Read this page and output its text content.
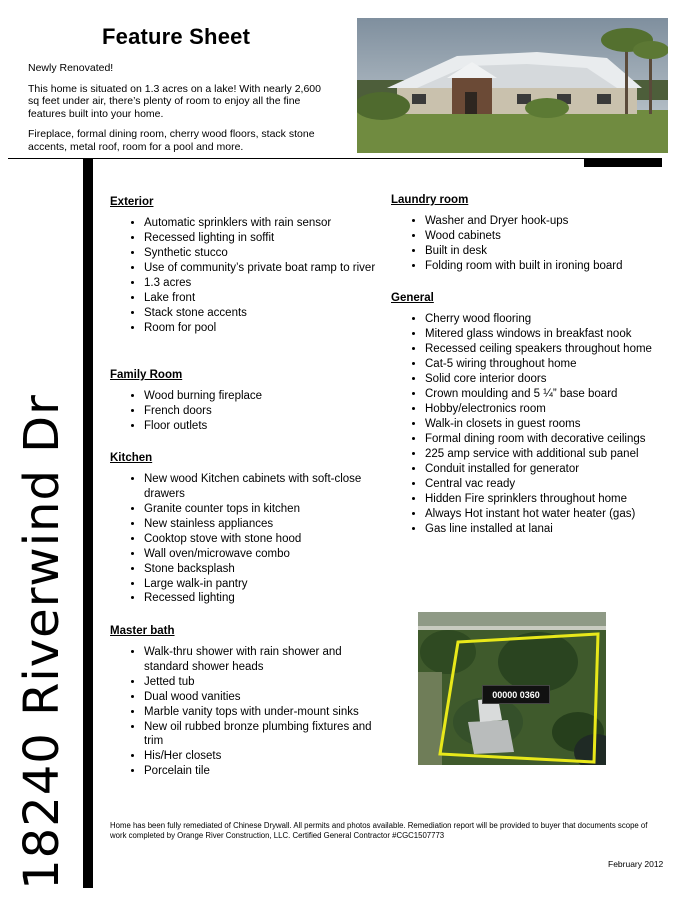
Feature Sheet

Newly Renovated!

This home is situated on 1.3 acres on a lake! With nearly 2,600 sq feet under air, there’s plenty of room to enjoy all the fine features built into your home.

Fireplace, formal dining room, cherry wood floors, stack stone accents, metal roof, room for a pool and more.

18240 Riverwind Dr
Exterior
• Automatic sprinklers with rain sensor
• Recessed lighting in soffit
• Synthetic stucco
• Use of community’s private boat ramp to river
• 1.3 acres
• Lake front
• Stack stone accents
• Room for pool
Family Room
• Wood burning fireplace
• French doors
• Floor outlets
Kitchen
• New wood Kitchen cabinets with soft-close drawers
• Granite counter tops in kitchen
• New stainless appliances
• Cooktop stove with stone hood
• Wall oven/microwave combo
• Stone backsplash
• Large walk-in pantry
• Recessed lighting
Master bath
• Walk-thru shower with rain shower and standard shower heads
• Jetted tub
• Dual wood vanities
• Marble vanity tops with under-mount sinks
• New oil rubbed bronze plumbing fixtures and trim
• His/Her closets
• Porcelain tile
Laundry room
• Washer and Dryer hook-ups
• Wood cabinets
• Built in desk
• Folding room with built in ironing board
General
• Cherry wood flooring
• Mitered glass windows in breakfast nook
• Recessed ceiling speakers throughout home
• Cat-5 wiring throughout home
• Solid core interior doors
• Crown moulding and 5 ¼” base board
• Hobby/electronics room
• Walk-in closets in guest rooms
• Formal dining room with decorative ceilings
• 225 amp service with additional sub panel
• Conduit installed for generator
• Central vac ready
• Hidden Fire sprinklers throughout home
• Always Hot instant hot water heater (gas)
• Gas line installed at lanai
00000 0360
Home has been fully remediated of Chinese Drywall. All permits and photos available. Remediation report will be provided to buyer that documents scope of work completed by Orange River Construction, LLC. Certified General Contractor #CGC1507773
February 2012
